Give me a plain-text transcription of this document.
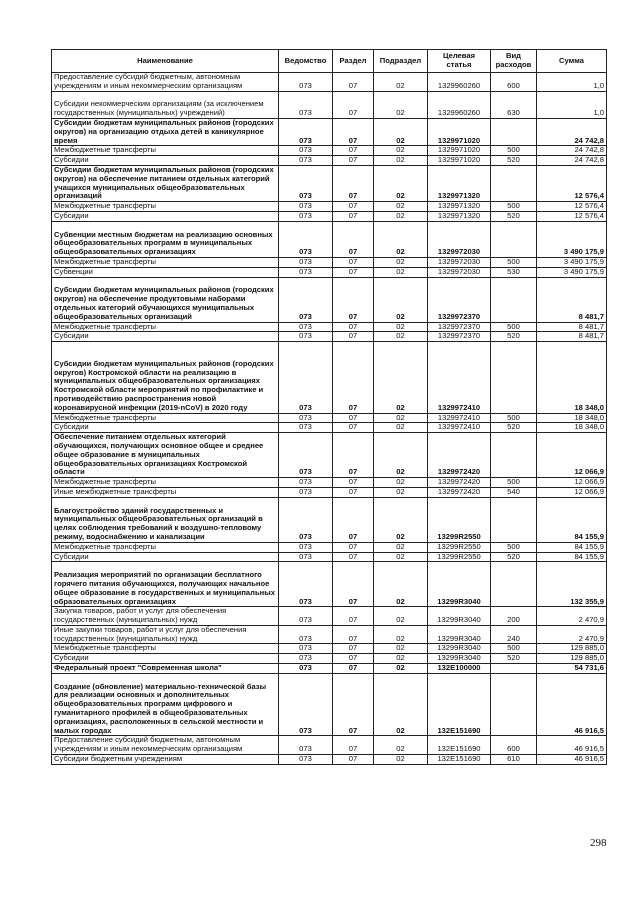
Наименование	Ведомство	Раздел	Подраздел	Целевая статья	Вид расходов	Сумма
Предоставление субсидий бюджетным, автономным учреждениям и иным некоммерческим организациям	073	07	02	1329960260	600	1,0
Субсидии некоммерческим организациям (за исключением государственных (муниципальных) учреждений)	073	07	02	1329960260	630	1,0
Субсидии бюджетам муниципальных районов (городских округов) на организацию отдыха детей в каникулярное время	073	07	02	1329971020		24 742,8
Межбюджетные трансферты	073	07	02	1329971020	500	24 742,8
Субсидии	073	07	02	1329971020	520	24 742,8
Субсидии бюджетам муниципальных районов (городских округов) на обеспечение питанием отдельных категорий учащихся муниципальных общеобразовательных организаций	073	07	02	1329971320		12 576,4
Межбюджетные трансферты	073	07	02	1329971320	500	12 576,4
Субсидии	073	07	02	1329971320	520	12 576,4
Субвенции местным бюджетам на реализацию основных общеобразовательных программ в муниципальных общеобразовательных организациях	073	07	02	1329972030		3 490 175,9
Межбюджетные трансферты	073	07	02	1329972030	500	3 490 175,9
Субвенции	073	07	02	1329972030	530	3 490 175,9
Субсидии бюджетам муниципальных районов (городских округов) на обеспечение продуктовыми наборами отдельных категорий обучающихся муниципальных общеобразовательных организаций	073	07	02	1329972370		8 481,7
Межбюджетные трансферты	073	07	02	1329972370	500	8 481,7
Субсидии	073	07	02	1329972370	520	8 481,7
Субсидии бюджетам муниципальных районов (городских округов) Костромской области на реализацию в муниципальных общеобразовательных организациях Костромской области мероприятий по профилактике и противодействию распространения новой коронавирусной инфекции (2019-nCoV) в 2020 году	073	07	02	1329972410		18 348,0
Межбюджетные трансферты	073	07	02	1329972410	500	18 348,0
Субсидии	073	07	02	1329972410	520	18 348,0
Обеспечение питанием отдельных категорий обучающихся, получающих основное общее и среднее общее образование в муниципальных общеобразовательных организациях Костромской области	073	07	02	1329972420		12 066,9
Межбюджетные трансферты	073	07	02	1329972420	500	12 066,9
Иные межбюджетные трансферты	073	07	02	1329972420	540	12 066,9
Благоустройство зданий государственных и муниципальных общеобразовательных организаций в целях соблюдения требований к воздушно-тепловому режиму, водоснабжению и канализации	073	07	02	13299R2550		84 155,9
Межбюджетные трансферты	073	07	02	13299R2550	500	84 155,9
Субсидии	073	07	02	13299R2550	520	84 155,9
Реализация мероприятий по организации бесплатного горячего питания обучающихся, получающих начальное общее образование в государственных и муниципальных образовательных организациях	073	07	02	13299R3040		132 355,9
Закупка товаров, работ и услуг для обеспечения государственных (муниципальных) нужд	073	07	02	13299R3040	200	2 470,9
Иные закупки товаров, работ и услуг для обеспечения государственных (муниципальных) нужд	073	07	02	13299R3040	240	2 470,9
Межбюджетные трансферты	073	07	02	13299R3040	500	129 885,0
Субсидии	073	07	02	13299R3040	520	129 885,0
Федеральный проект "Современная школа"	073	07	02	132E100000		54 731,6
Создание (обновление) материально-технической базы для реализации основных и дополнительных общеобразовательных программ цифрового и гуманитарного профилей в общеобразовательных организациях, расположенных в сельской местности и малых городах	073	07	02	132E151690		46 916,5
Предоставление субсидий бюджетным, автономным учреждениям и иным некоммерческим организациям	073	07	02	132E151690	600	46 916,5
Субсидии бюджетным учреждениям	073	07	02	132E151690	610	46 916,5
298
